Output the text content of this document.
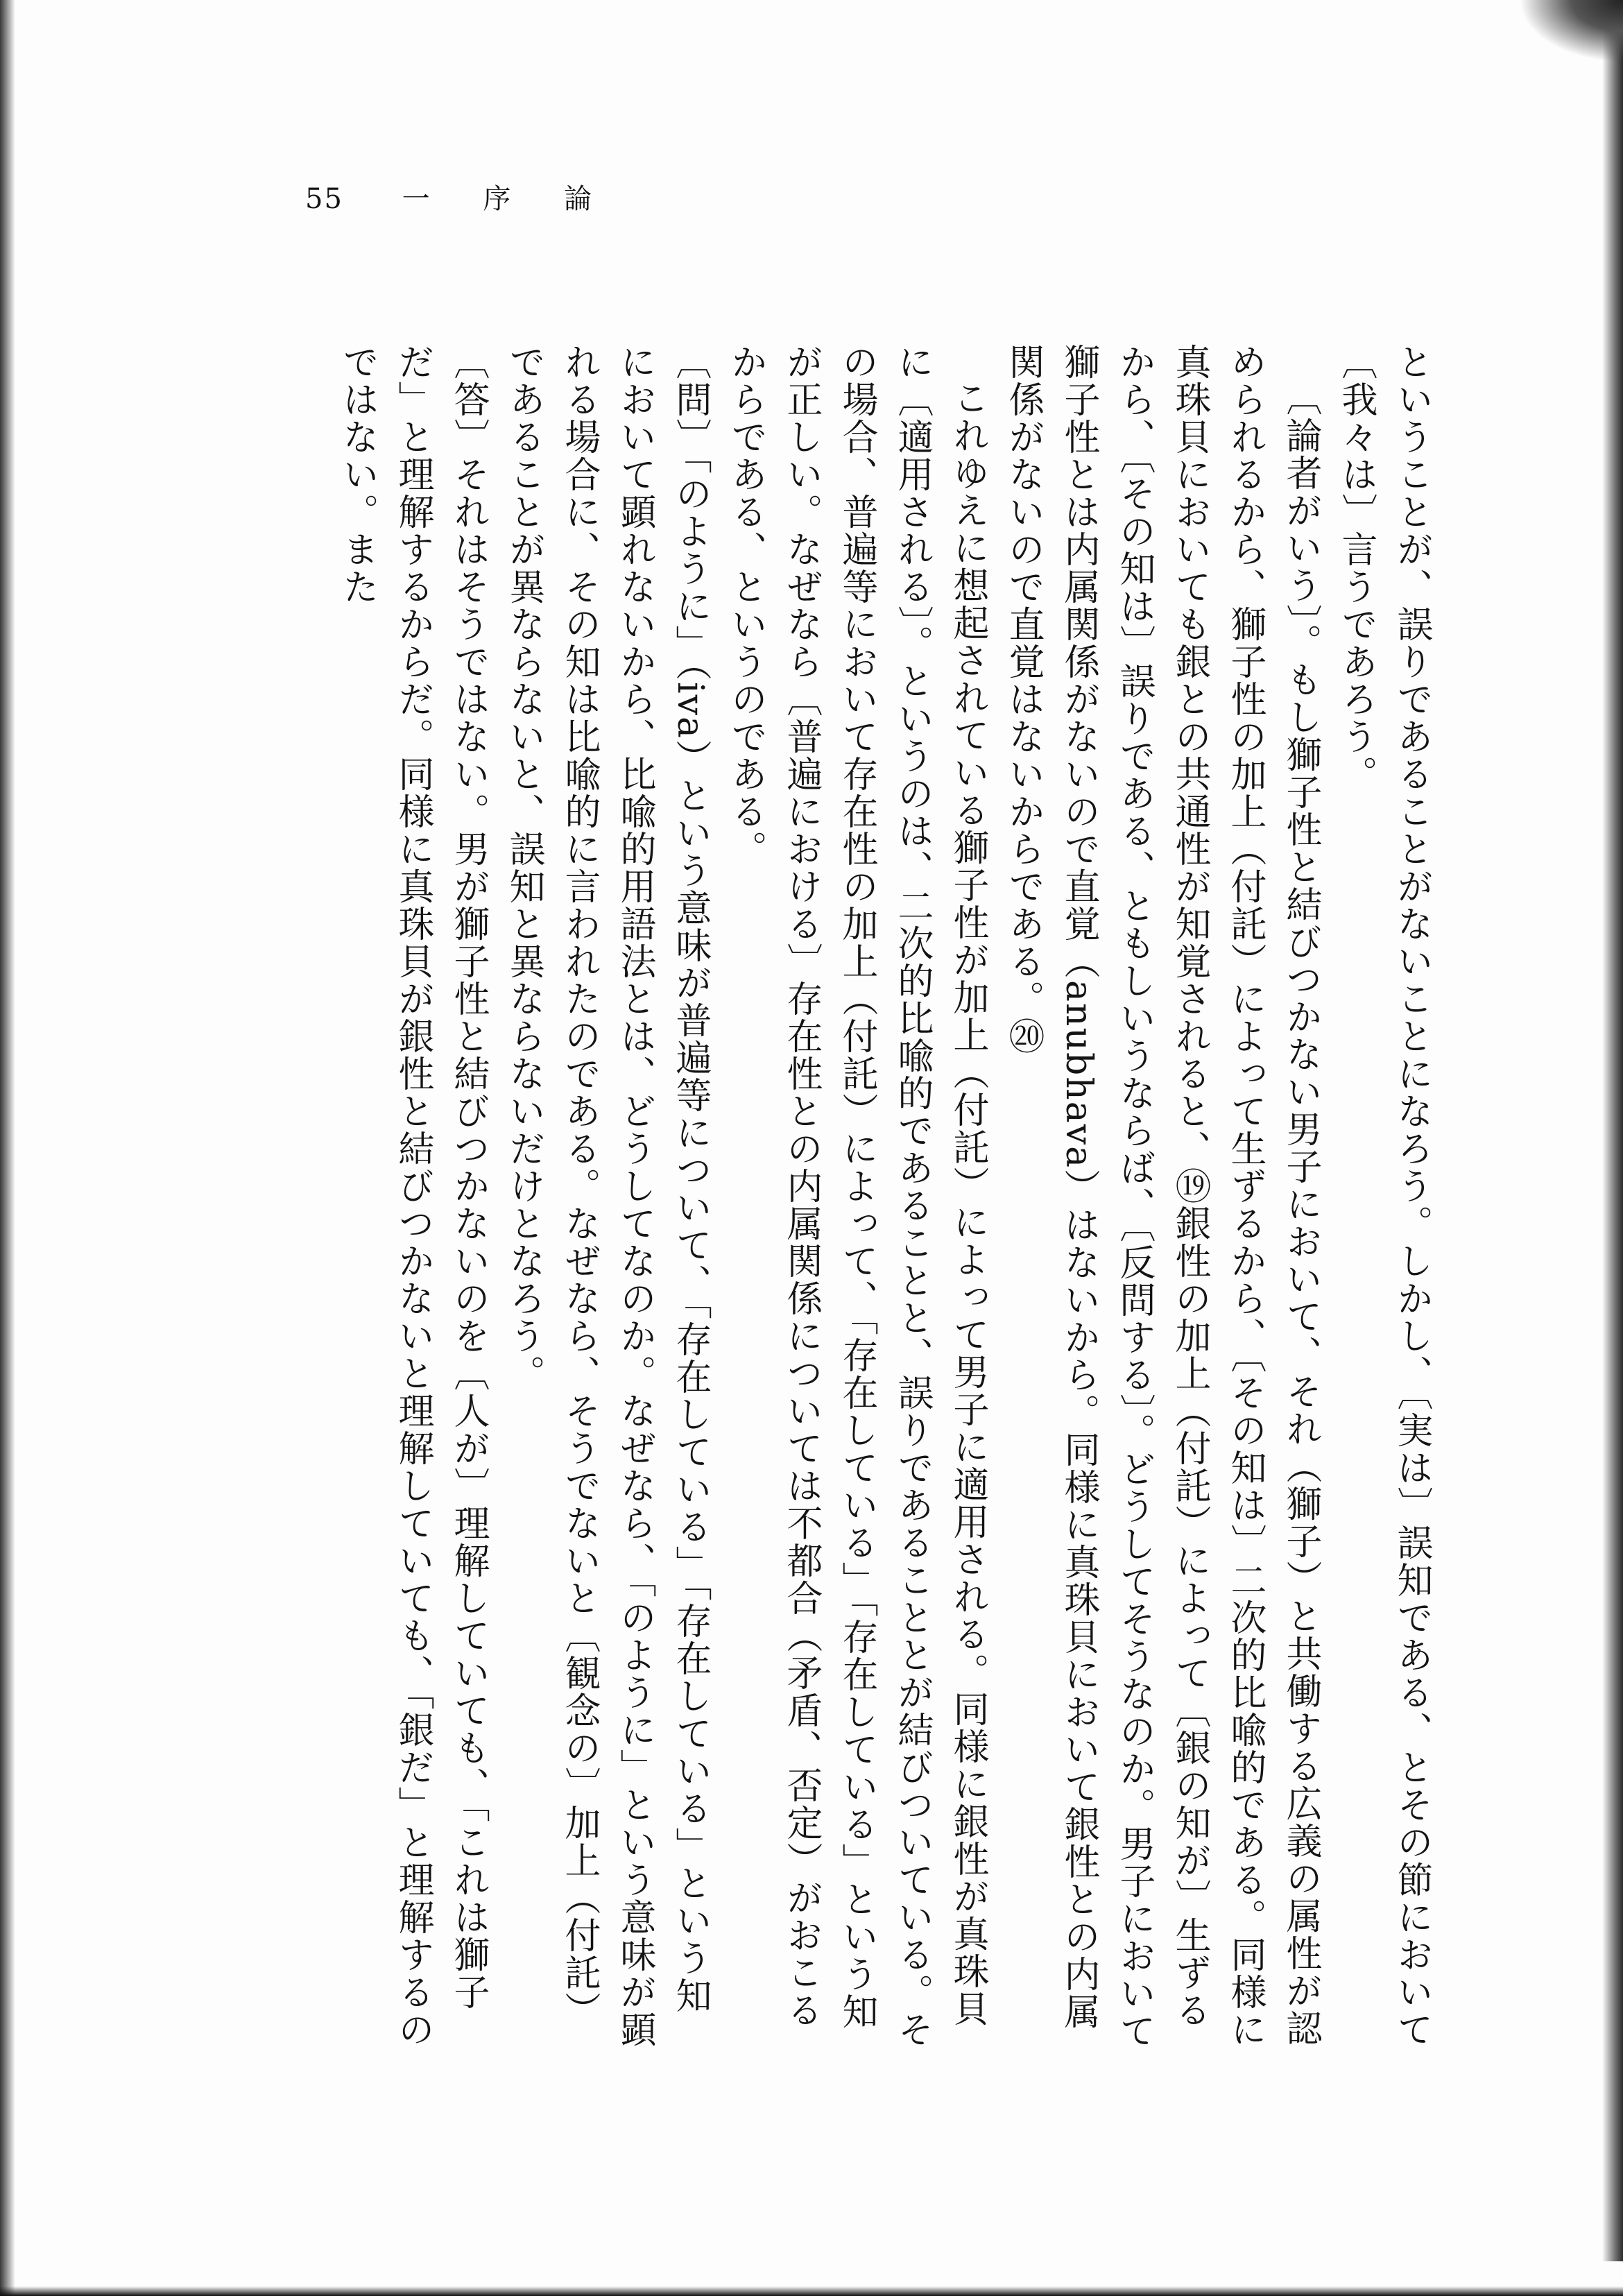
55 一 序 論

ということが、誤りであることがないことになろう。しかし、〔実は〕誤知である、とその節において〔我々は〕言うであろう。

〔論者がいう〕。もし獅子性と結びつかない男子において、それ（獅子）と共働する広義の属性が認められるから、獅子性の加上（付託）によって生ずるから、〔その知は〕二次的比喩的である。同様に真珠貝においても銀との共通性が知覚されると、⑲銀性の加上（付託）によって〔銀の知が〕生ずるから、〔その知は〕誤りである、ともしいうならば、〔反問する〕。どうしてそうなのか。男子において獅子性とは内属関係がないので直覚（anubhava）はないから。同様に真珠貝において銀性との内属関係がないので直覚はないからである。⑳

これゆえに想起されている獅子性が加上（付託）によって男子に適用される。同様に銀性が真珠貝に〔適用される〕。というのは、二次的比喩的であることと、誤りであることとが結びついている。その場合、普遍等において存在性の加上（付託）によって、「存在している」「存在している」という知が正しい。なぜなら〔普遍における〕存在性との内属関係については不都合（矛盾、否定）がおこるからである、というのである。

〔問〕「のように」（iva）という意味が普遍等について、「存在している」「存在している」という知において顕れないから、比喩的用語法とは、どうしてなのか。なぜなら、「のように」という意味が顕れる場合に、その知は比喩的に言われたのである。なぜなら、そうでないと〔観念の〕加上（付託）であることが異ならないと、誤知と異ならないだけとなろう。

〔答〕それはそうではない。男が獅子性と結びつかないのを〔人が〕理解していても、「これは獅子だ」と理解するからだ。同様に真珠貝が銀性と結びつかないと理解していても、「銀だ」と理解するのではない。また
